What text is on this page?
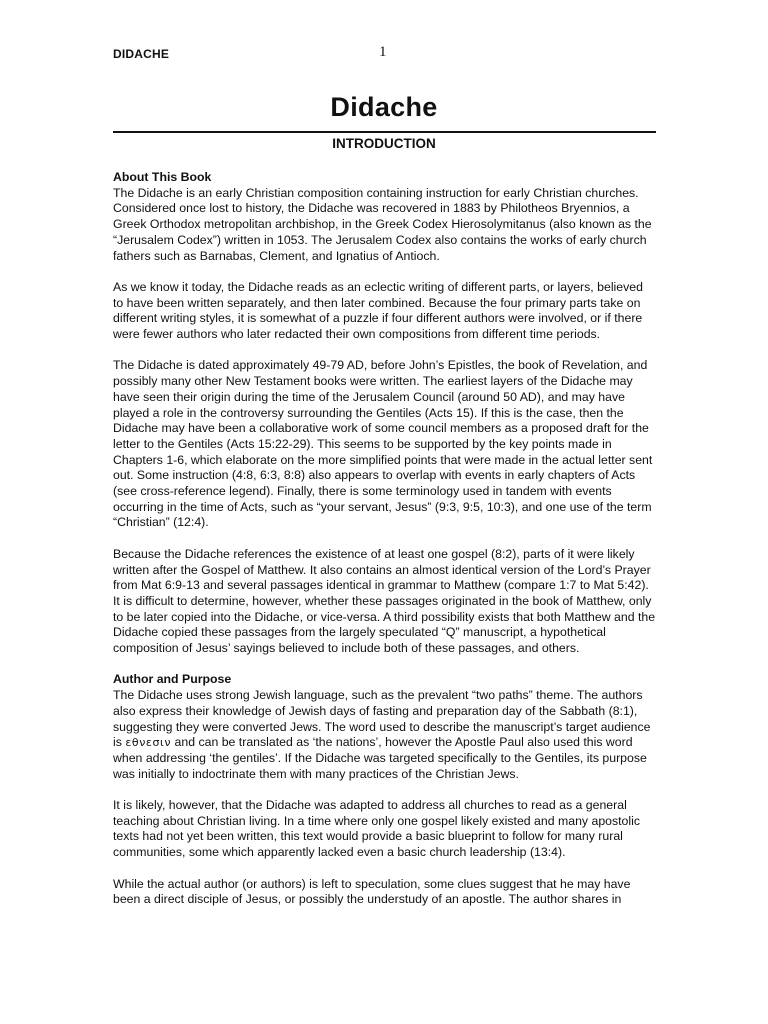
DIDACHE	1
Didache
INTRODUCTION

About This Book

The Didache is an early Christian composition containing instruction for early Christian churches. Considered once lost to history, the Didache was recovered in 1883 by Philotheos Bryennios, a Greek Orthodox metropolitan archbishop, in the Greek Codex Hierosolymitanus (also known as the “Jerusalem Codex”) written in 1053. The Jerusalem Codex also contains the works of early church fathers such as Barnabas, Clement, and Ignatius of Antioch.

As we know it today, the Didache reads as an eclectic writing of different parts, or layers, believed to have been written separately, and then later combined. Because the four primary parts take on different writing styles, it is somewhat of a puzzle if four different authors were involved, or if there were fewer authors who later redacted their own compositions from different time periods.

The Didache is dated approximately 49-79 AD, before John’s Epistles, the book of Revelation, and possibly many other New Testament books were written. The earliest layers of the Didache may have seen their origin during the time of the Jerusalem Council (around 50 AD), and may have played a role in the controversy surrounding the Gentiles (Acts 15). If this is the case, then the Didache may have been a collaborative work of some council members as a proposed draft for the letter to the Gentiles (Acts 15:22-29). This seems to be supported by the key points made in Chapters 1-6, which elaborate on the more simplified points that were made in the actual letter sent out. Some instruction (4:8, 6:3, 8:8) also appears to overlap with events in early chapters of Acts (see cross-reference legend). Finally, there is some terminology used in tandem with events occurring in the time of Acts, such as “your servant, Jesus” (9:3, 9:5, 10:3), and one use of the term “Christian” (12:4).

Because the Didache references the existence of at least one gospel (8:2), parts of it were likely written after the Gospel of Matthew. It also contains an almost identical version of the Lord’s Prayer from Mat 6:9-13 and several passages identical in grammar to Matthew (compare 1:7 to Mat 5:42). It is difficult to determine, however, whether these passages originated in the book of Matthew, only to be later copied into the Didache, or vice-versa. A third possibility exists that both Matthew and the Didache copied these passages from the largely speculated “Q” manuscript, a hypothetical composition of Jesus’ sayings believed to include both of these passages, and others.

Author and Purpose

The Didache uses strong Jewish language, such as the prevalent “two paths” theme. The authors also express their knowledge of Jewish days of fasting and preparation day of the Sabbath (8:1), suggesting they were converted Jews. The word used to describe the manuscript’s target audience is εθνεσιν and can be translated as ‘the nations’, however the Apostle Paul also used this word when addressing ‘the gentiles’. If the Didache was targeted specifically to the Gentiles, its purpose was initially to indoctrinate them with many practices of the Christian Jews.

It is likely, however, that the Didache was adapted to address all churches to read as a general teaching about Christian living. In a time where only one gospel likely existed and many apostolic texts had not yet been written, this text would provide a basic blueprint to follow for many rural communities, some which apparently lacked even a basic church leadership (13:4).

While the actual author (or authors) is left to speculation, some clues suggest that he may have been a direct disciple of Jesus, or possibly the understudy of an apostle. The author shares in
